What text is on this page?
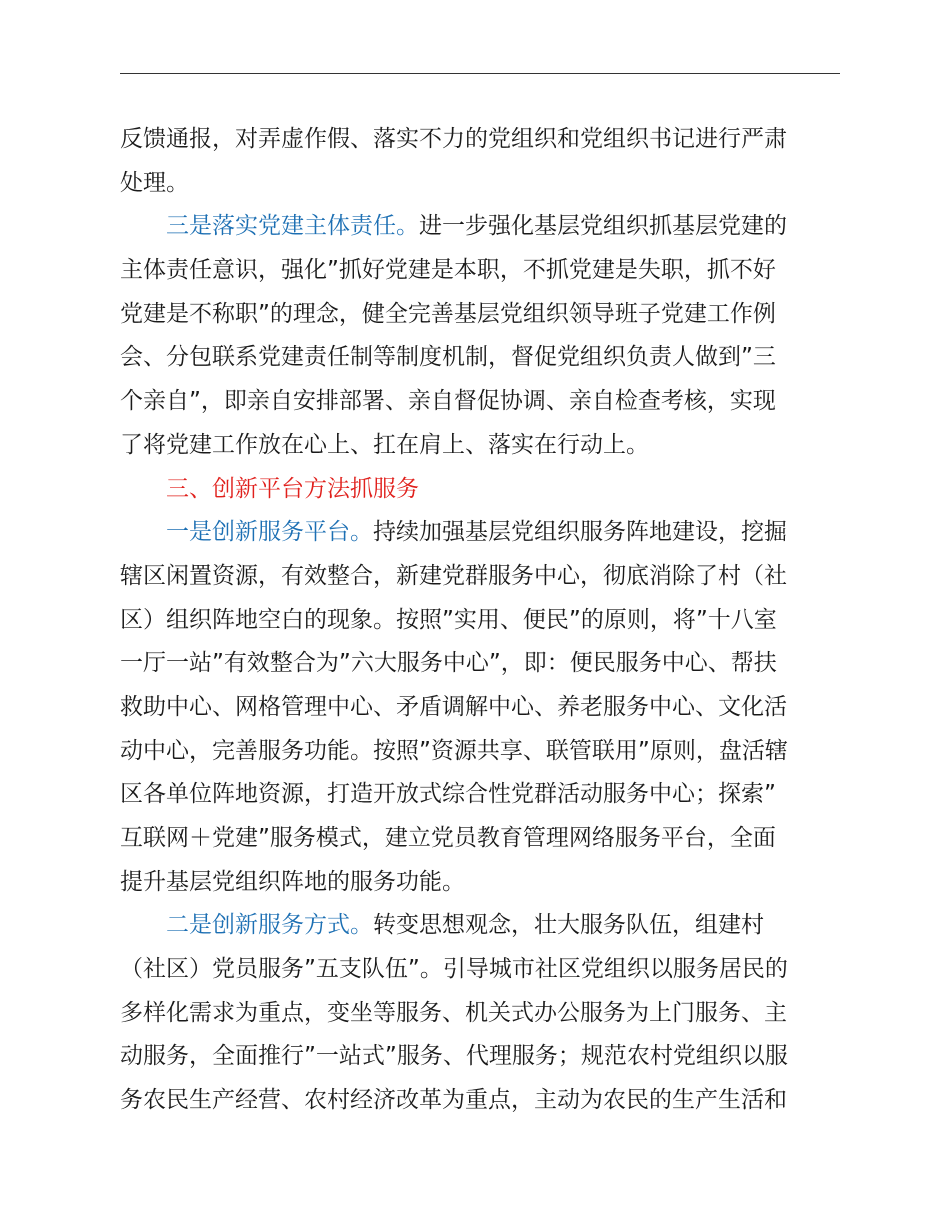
反馈通报，对弄虚作假、落实不力的党组织和党组织书记进行严肃
处理。
三是落实党建主体责任。进一步强化基层党组织抓基层党建的
主体责任意识，强化”抓好党建是本职，不抓党建是失职，抓不好
党建是不称职”的理念，健全完善基层党组织领导班子党建工作例
会、分包联系党建责任制等制度机制，督促党组织负责人做到”三
个亲自”，即亲自安排部署、亲自督促协调、亲自检查考核，实现
了将党建工作放在心上、扛在肩上、落实在行动上。
三、创新平台方法抓服务
一是创新服务平台。持续加强基层党组织服务阵地建设，挖掘
辖区闲置资源，有效整合，新建党群服务中心，彻底消除了村（社
区）组织阵地空白的现象。按照”实用、便民”的原则，将”十八室
一厅一站”有效整合为”六大服务中心”，即：便民服务中心、帮扶
救助中心、网格管理中心、矛盾调解中心、养老服务中心、文化活
动中心，完善服务功能。按照”资源共享、联管联用”原则，盘活辖
区各单位阵地资源，打造开放式综合性党群活动服务中心；探索”
互联网＋党建”服务模式，建立党员教育管理网络服务平台，全面
提升基层党组织阵地的服务功能。
二是创新服务方式。转变思想观念，壮大服务队伍，组建村
（社区）党员服务”五支队伍”。引导城市社区党组织以服务居民的
多样化需求为重点，变坐等服务、机关式办公服务为上门服务、主
动服务，全面推行”一站式”服务、代理服务；规范农村党组织以服
务农民生产经营、农村经济改革为重点，主动为农民的生产生活和
